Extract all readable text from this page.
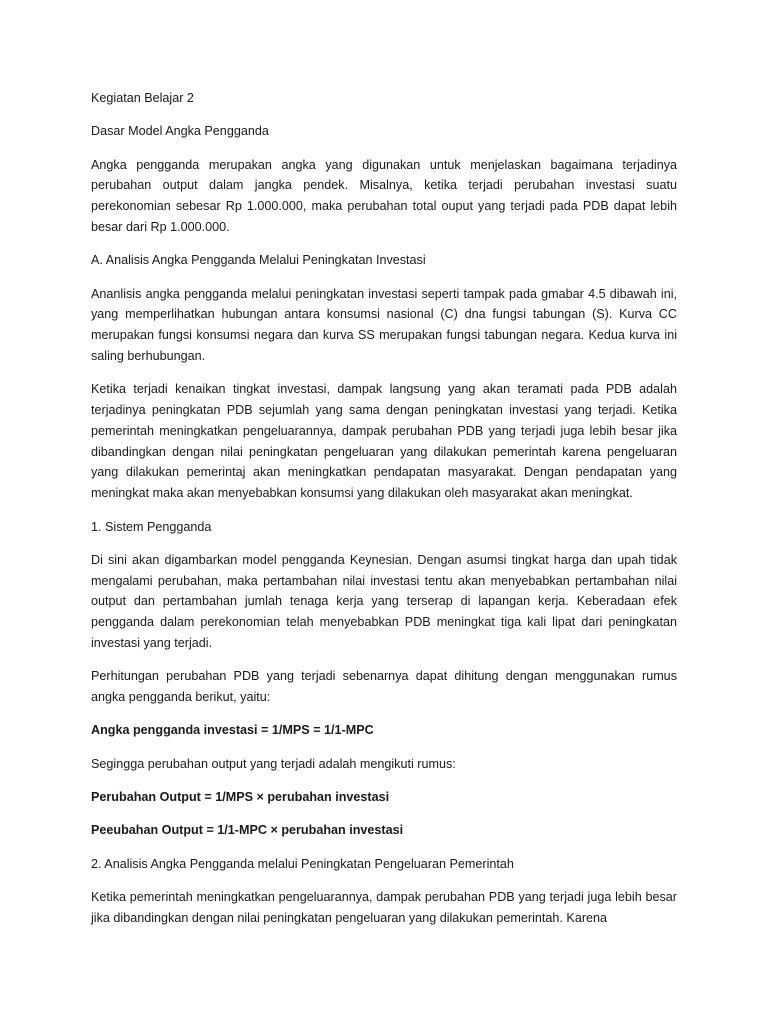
Kegiatan Belajar 2

Dasar Model Angka Pengganda

Angka pengganda merupakan angka yang digunakan untuk menjelaskan bagaimana terjadinya perubahan output dalam jangka pendek. Misalnya, ketika terjadi perubahan investasi suatu perekonomian sebesar Rp 1.000.000, maka perubahan total ouput yang terjadi pada PDB dapat lebih besar dari Rp 1.000.000.

A. Analisis Angka Pengganda Melalui Peningkatan Investasi

Ananlisis angka pengganda melalui peningkatan investasi seperti tampak pada gmabar 4.5 dibawah ini, yang memperlihatkan hubungan antara konsumsi nasional (C) dna fungsi tabungan (S). Kurva CC merupakan fungsi konsumsi negara dan kurva SS merupakan fungsi tabungan negara. Kedua kurva ini saling berhubungan.

Ketika terjadi kenaikan tingkat investasi, dampak langsung yang akan teramati pada PDB adalah terjadinya peningkatan PDB sejumlah yang sama dengan peningkatan investasi yang terjadi. Ketika pemerintah meningkatkan pengeluarannya, dampak perubahan PDB yang terjadi juga lebih besar jika dibandingkan dengan nilai peningkatan pengeluaran yang dilakukan pemerintah karena pengeluaran yang dilakukan pemerintaj akan meningkatkan pendapatan masyarakat. Dengan pendapatan yang meningkat maka akan menyebabkan konsumsi yang dilakukan oleh masyarakat akan meningkat.

1. Sistem Pengganda

Di sini akan digambarkan model pengganda Keynesian. Dengan asumsi tingkat harga dan upah tidak mengalami perubahan, maka pertambahan nilai investasi tentu akan menyebabkan pertambahan nilai output dan pertambahan jumlah tenaga kerja yang terserap di lapangan kerja. Keberadaan efek pengganda dalam perekonomian telah menyebabkan PDB meningkat tiga kali lipat dari peningkatan investasi yang terjadi.

Perhitungan perubahan PDB yang terjadi sebenarnya dapat dihitung dengan menggunakan rumus angka pengganda berikut, yaitu:

Angka pengganda investasi = 1/MPS = 1/1-MPC

Segingga perubahan output yang terjadi adalah mengikuti rumus:

Perubahan Output = 1/MPS × perubahan investasi

Peeubahan Output = 1/1-MPC × perubahan investasi

2. Analisis Angka Pengganda melalui Peningkatan Pengeluaran Pemerintah

Ketika pemerintah meningkatkan pengeluarannya, dampak perubahan PDB yang terjadi juga lebih besar jika dibandingkan dengan nilai peningkatan pengeluaran yang dilakukan pemerintah. Karena
